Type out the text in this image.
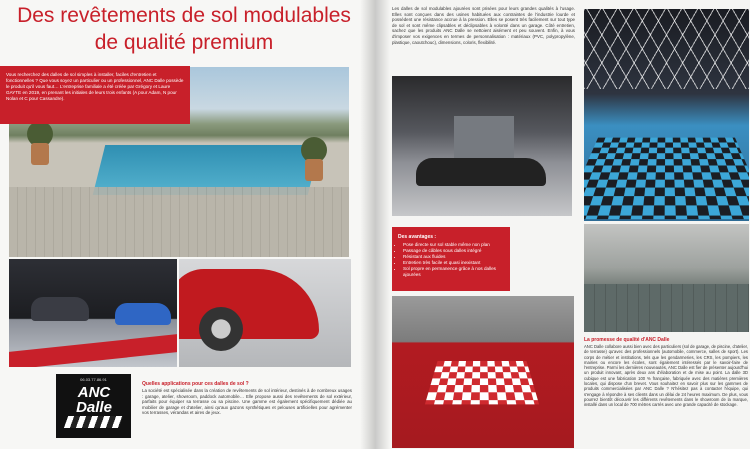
Des revêtements de sol modulables
de qualité premium
Vous recherchez des dalles de sol simples à installer, faciles d'entretien et fonctionnelles ? Que vous soyez un particulier ou un professionnel, ANC Dalle possède le produit qu'il vous faut… L'entreprise familiale a été créée par Grégory et Laure GAYTE en 2019, en prenant les initiales de leurs trois enfants (A pour Adam, N pour Nolan et C pour Cassandre).
06.03.77.86.91
ANC
Dalle
Quelles applications pour ces dalles de sol ?
La société est spécialisée dans la création de revêtements de sol intérieur, destinés à de nombreux usages : garage, atelier, showroom, paddock automobile… Elle propose aussi des revêtements de sol extérieur, parfaits pour équiper sa terrasse ou sa piscine. Une gamme est également spécifiquement dédiée au mobilier de garage et d'atelier, ainsi qu'aux gazons synthétiques et pelouses artificielles pour agrémenter vos terrasses, vérandas et aires de jeux.
Les dalles de sol modulables ajourées sont prisées pour leurs grandes qualités à l'usage. Elles sont conçues dans des usines habituées aux contraintes de l'industrie lourde et possèdent une résistance accrue à la pression. Elles se posent très facilement sur tout type de sol et sont même clipsables et déclipsables à volonté dans un garage. Côté entretien, sachez que les produits ANC Dalle se nettoient aisément et peu souvent. Enfin, à vous d'imposer vos exigences en termes de personnalisation : matériaux (PVC, polypropylène, plastique, caoutchouc), dimensions, coloris, flexibilité.
Des avantages :
• Pose directe sur sol stable même non plan
• Passage de câbles sous dalles intégré
• Résistant aux fluides
• Entretien très facile et quasi inexistant
• Sol propre en permanence grâce à nos dalles ajourées
La promesse de qualité d'ANC Dalle
ANC Dalle collabore aussi bien avec des particuliers (sol de garage, de piscine, d'atelier, de terrasse) qu'avec des professionnels (automobile, commerce, salles de sport). Les corps de métier et institutions, tels que les gendarmeries, les CRS, les pompiers, les mairies ou encore les écoles, sont également intéressés par le savoir-faire de l'entreprise. Parmi les dernières nouveautés, ANC Dalle est fier de présenter aujourd'hui un produit innovant, après deux ans d'élaboration et de mise au point. La dalle 3D cubique est une fabrication 100 % française, fabriquée avec des matières premières locales, qui dispose d'un brevet. Vous souhaitez en savoir plus sur les gammes de produits commercialisées par ANC Dalle ? N'hésitez pas à contacter l'équipe, qui s'engage à répondre à ses clients dans un délai de 24 heures maximum. De plus, vous pourrez bientôt découvrir les différents revêtements dans le showroom de la marque, installé dans un local de 700 mètres carrés avec une grande capacité de stockage.
